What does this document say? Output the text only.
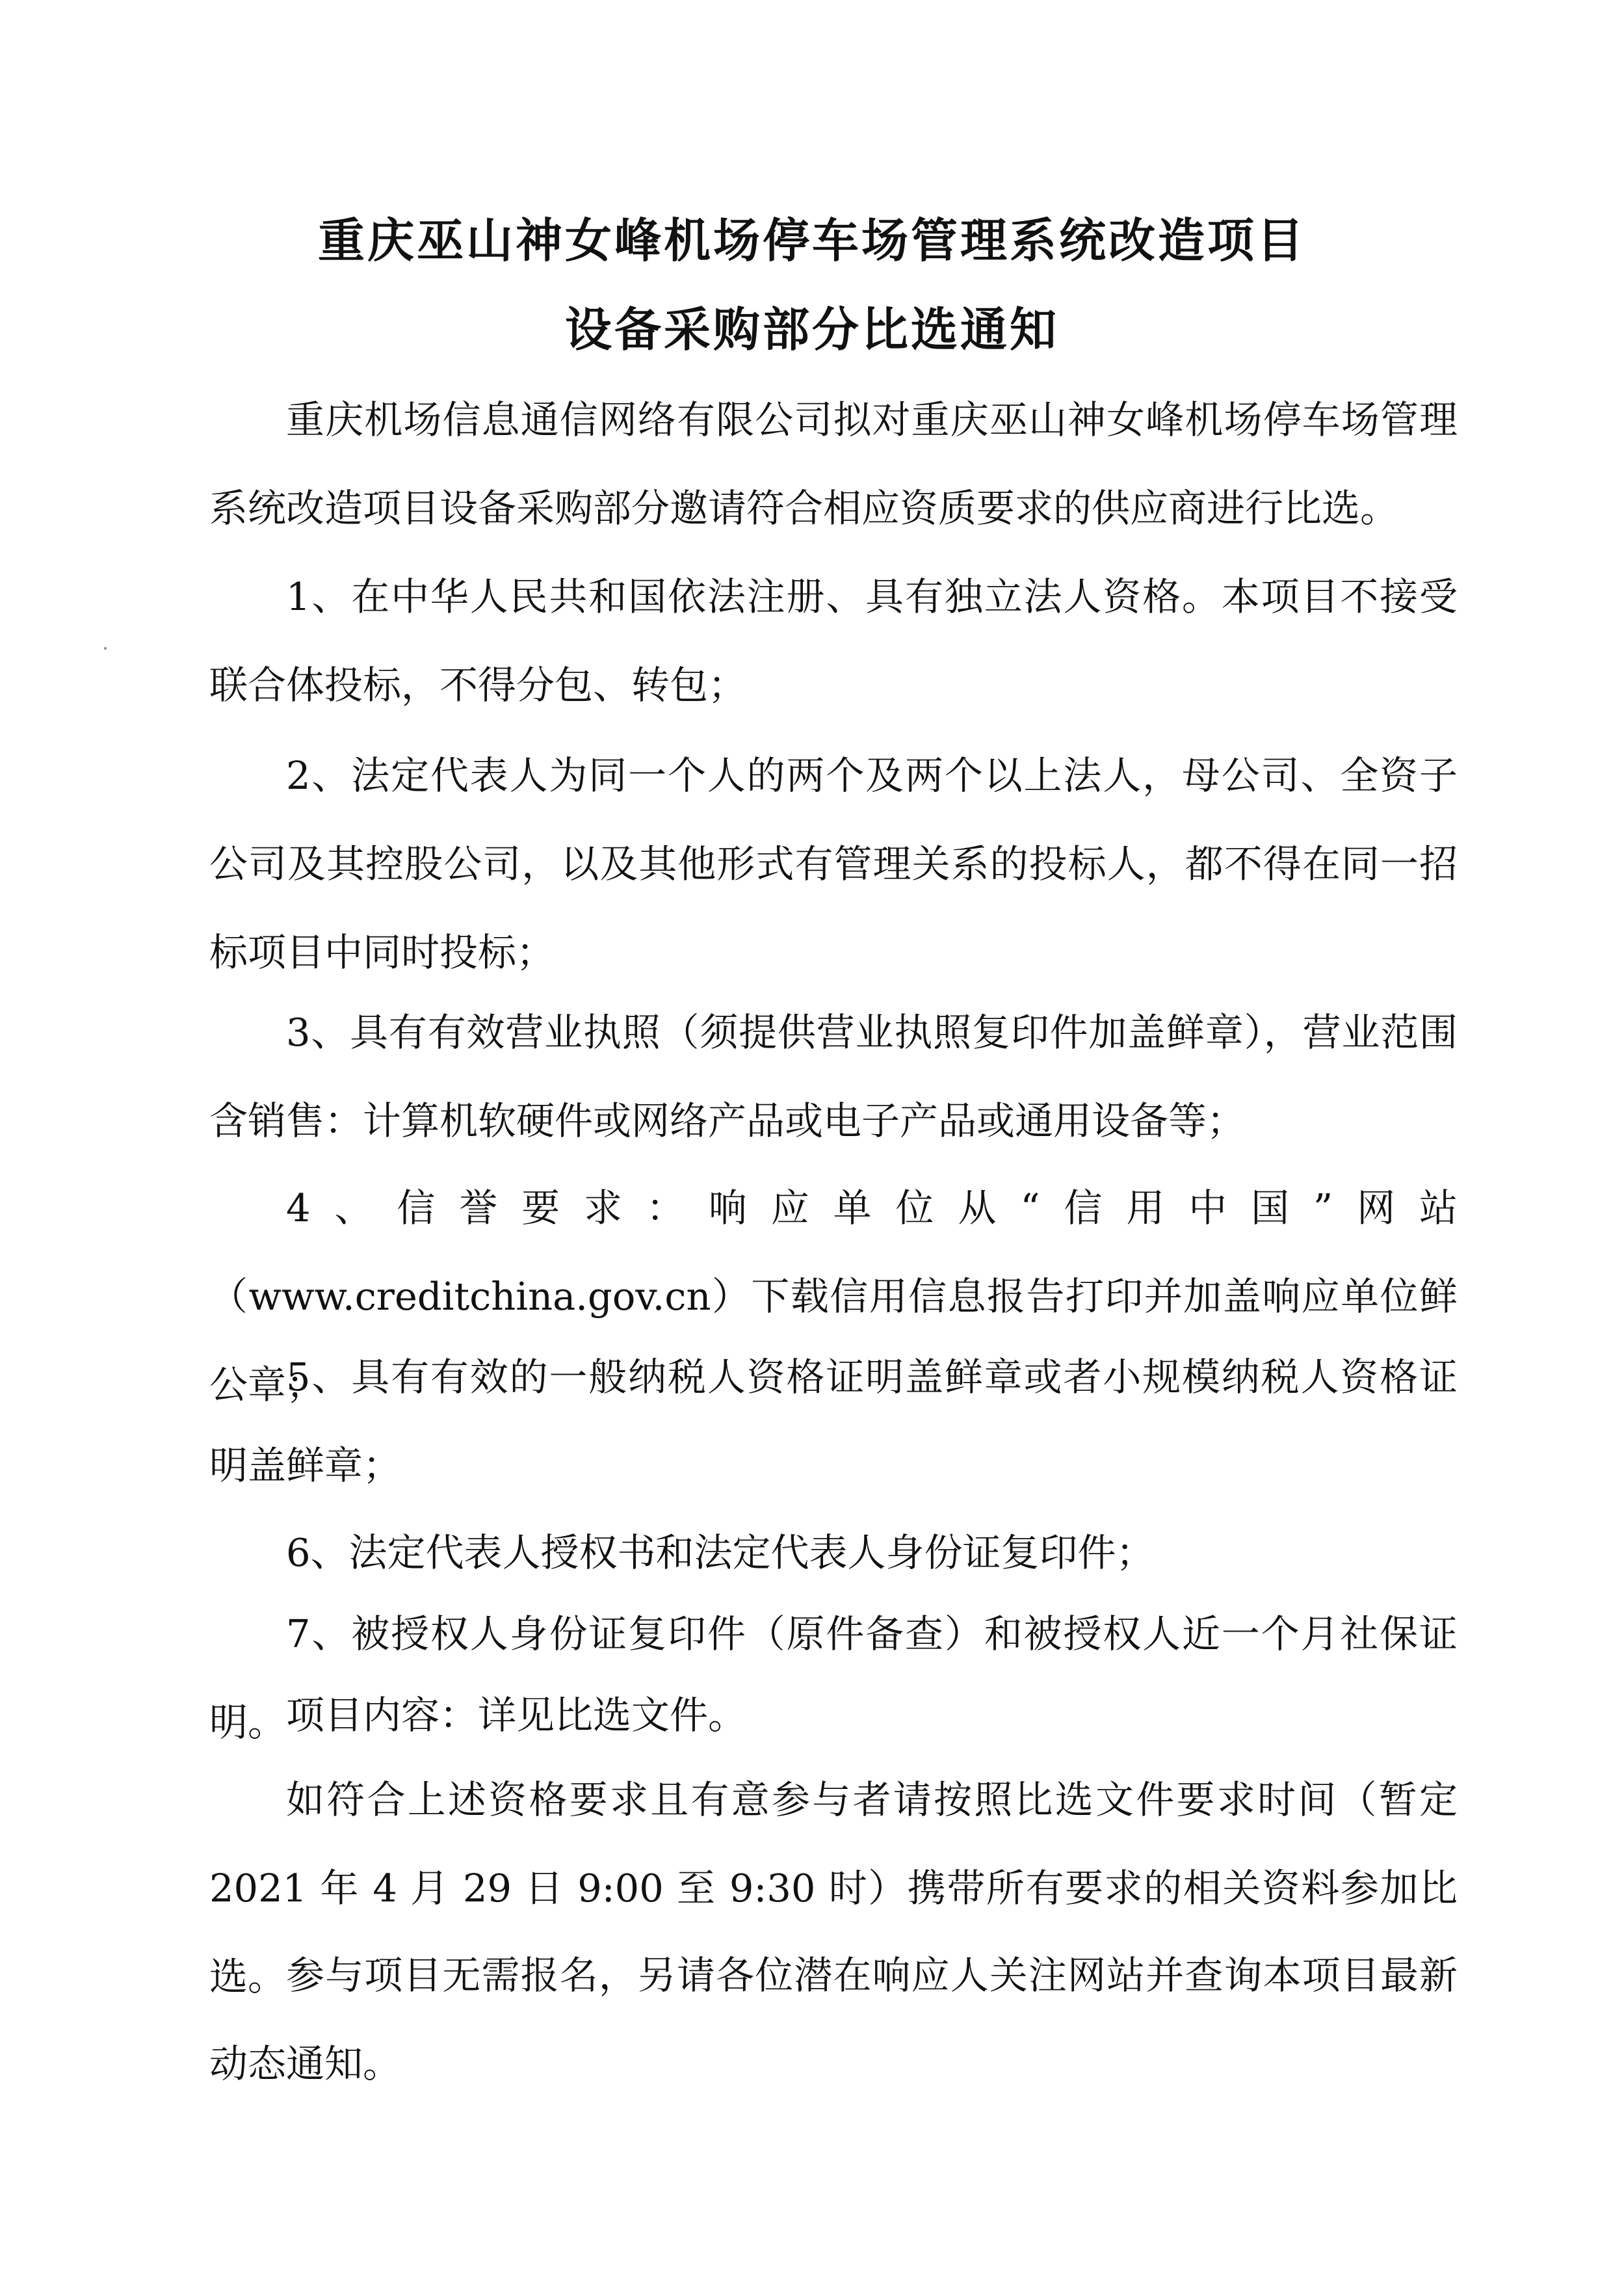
重庆巫山神女峰机场停车场管理系统改造项目
设备采购部分比选通知

重庆机场信息通信网络有限公司拟对重庆巫山神女峰机场停车场管理系统改造项目设备采购部分邀请符合相应资质要求的供应商进行比选。

1、在中华人民共和国依法注册、具有独立法人资格。本项目不接受联合体投标，不得分包、转包；

2、法定代表人为同一个人的两个及两个以上法人，母公司、全资子公司及其控股公司，以及其他形式有管理关系的投标人，都不得在同一招标项目中同时投标；

3、具有有效营业执照（须提供营业执照复印件加盖鲜章），营业范围含销售：计算机软硬件或网络产品或电子产品或通用设备等；

4、信誉要求：响应单位从“信用中国”网站（www.creditchina.gov.cn）下载信用信息报告打印并加盖响应单位鲜公章；

5、具有有效的一般纳税人资格证明盖鲜章或者小规模纳税人资格证明盖鲜章；

6、法定代表人授权书和法定代表人身份证复印件；

7、被授权人身份证复印件（原件备查）和被授权人近一个月社保证明。 项目内容：详见比选文件。

如符合上述资格要求且有意参与者请按照比选文件要求时间（暂定 2021 年 4 月 29 日 9:00 至 9:30 时）携带所有要求的相关资料参加比选。 参与项目无需报名，另请各位潜在响应人关注网站并查询本项目最新动态通知。
